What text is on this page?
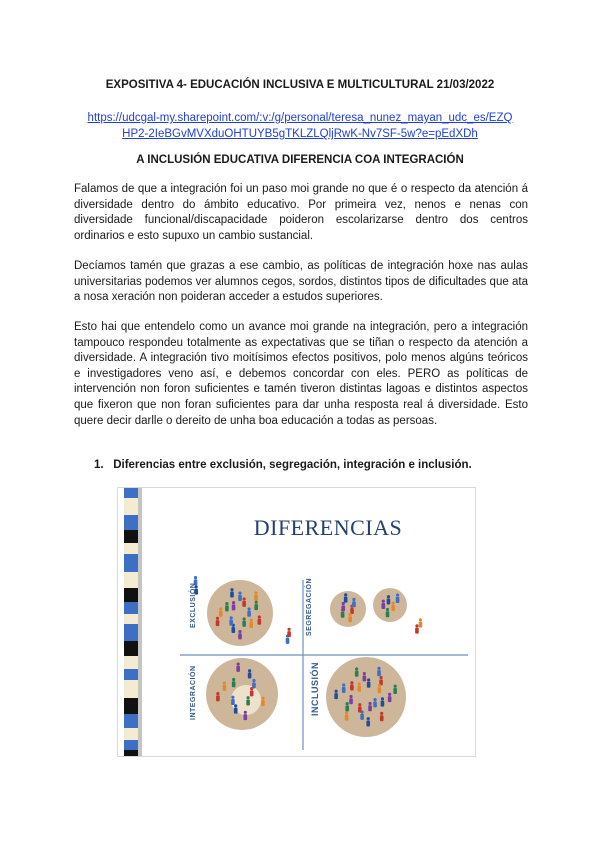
EXPOSITIVA 4- EDUCACIÓN INCLUSIVA E MULTICULTURAL 21/03/2022
https://udcgal-my.sharepoint.com/:v:/g/personal/teresa_nunez_mayan_udc_es/EZQ
HP2-2IeBGvMVXduOHTUYB5gTKLZLQljRwK-Nv7SF-5w?e=pEdXDh
A INCLUSIÓN EDUCATIVA DIFERENCIA COA INTEGRACIÓN

Falamos de que a integración foi un paso moi grande no que é o respecto da atención á diversidade dentro do ámbito educativo. Por primeira vez, nenos e nenas con diversidade funcional/discapacidade poideron escolarizarse dentro dos centros ordinarios e esto supuxo un cambio sustancial.

Decíamos tamén que grazas a ese cambio, as políticas de integración hoxe nas aulas universitarias podemos ver alumnos cegos, sordos, distintos tipos de dificultades que ata a nosa xeración non poideran acceder a estudos superiores.

Esto hai que entendelo como un avance moi grande na integración, pero a integración tampouco respondeu totalmente as expectativas que se tiñan o respecto da atención a diversidade. A integración tivo moitísimos efectos positivos, polo menos algúns teóricos e investigadores veno así, e debemos concordar con eles. PERO as políticas de intervención non foron suficientes e tamén tiveron distintas lagoas e distintos aspectos que fixeron que non foran suficientes para dar unha resposta real á diversidade. Esto quere decir darlle o dereito de unha boa educación a todas as persoas.

1. Diferencias entre exclusión, segregación, integración e inclusión.
DIFERENCIAS
EXCLUSIÓN	SEGREGACIÓN
INTEGRACIÓN	INCLUSIÓN
